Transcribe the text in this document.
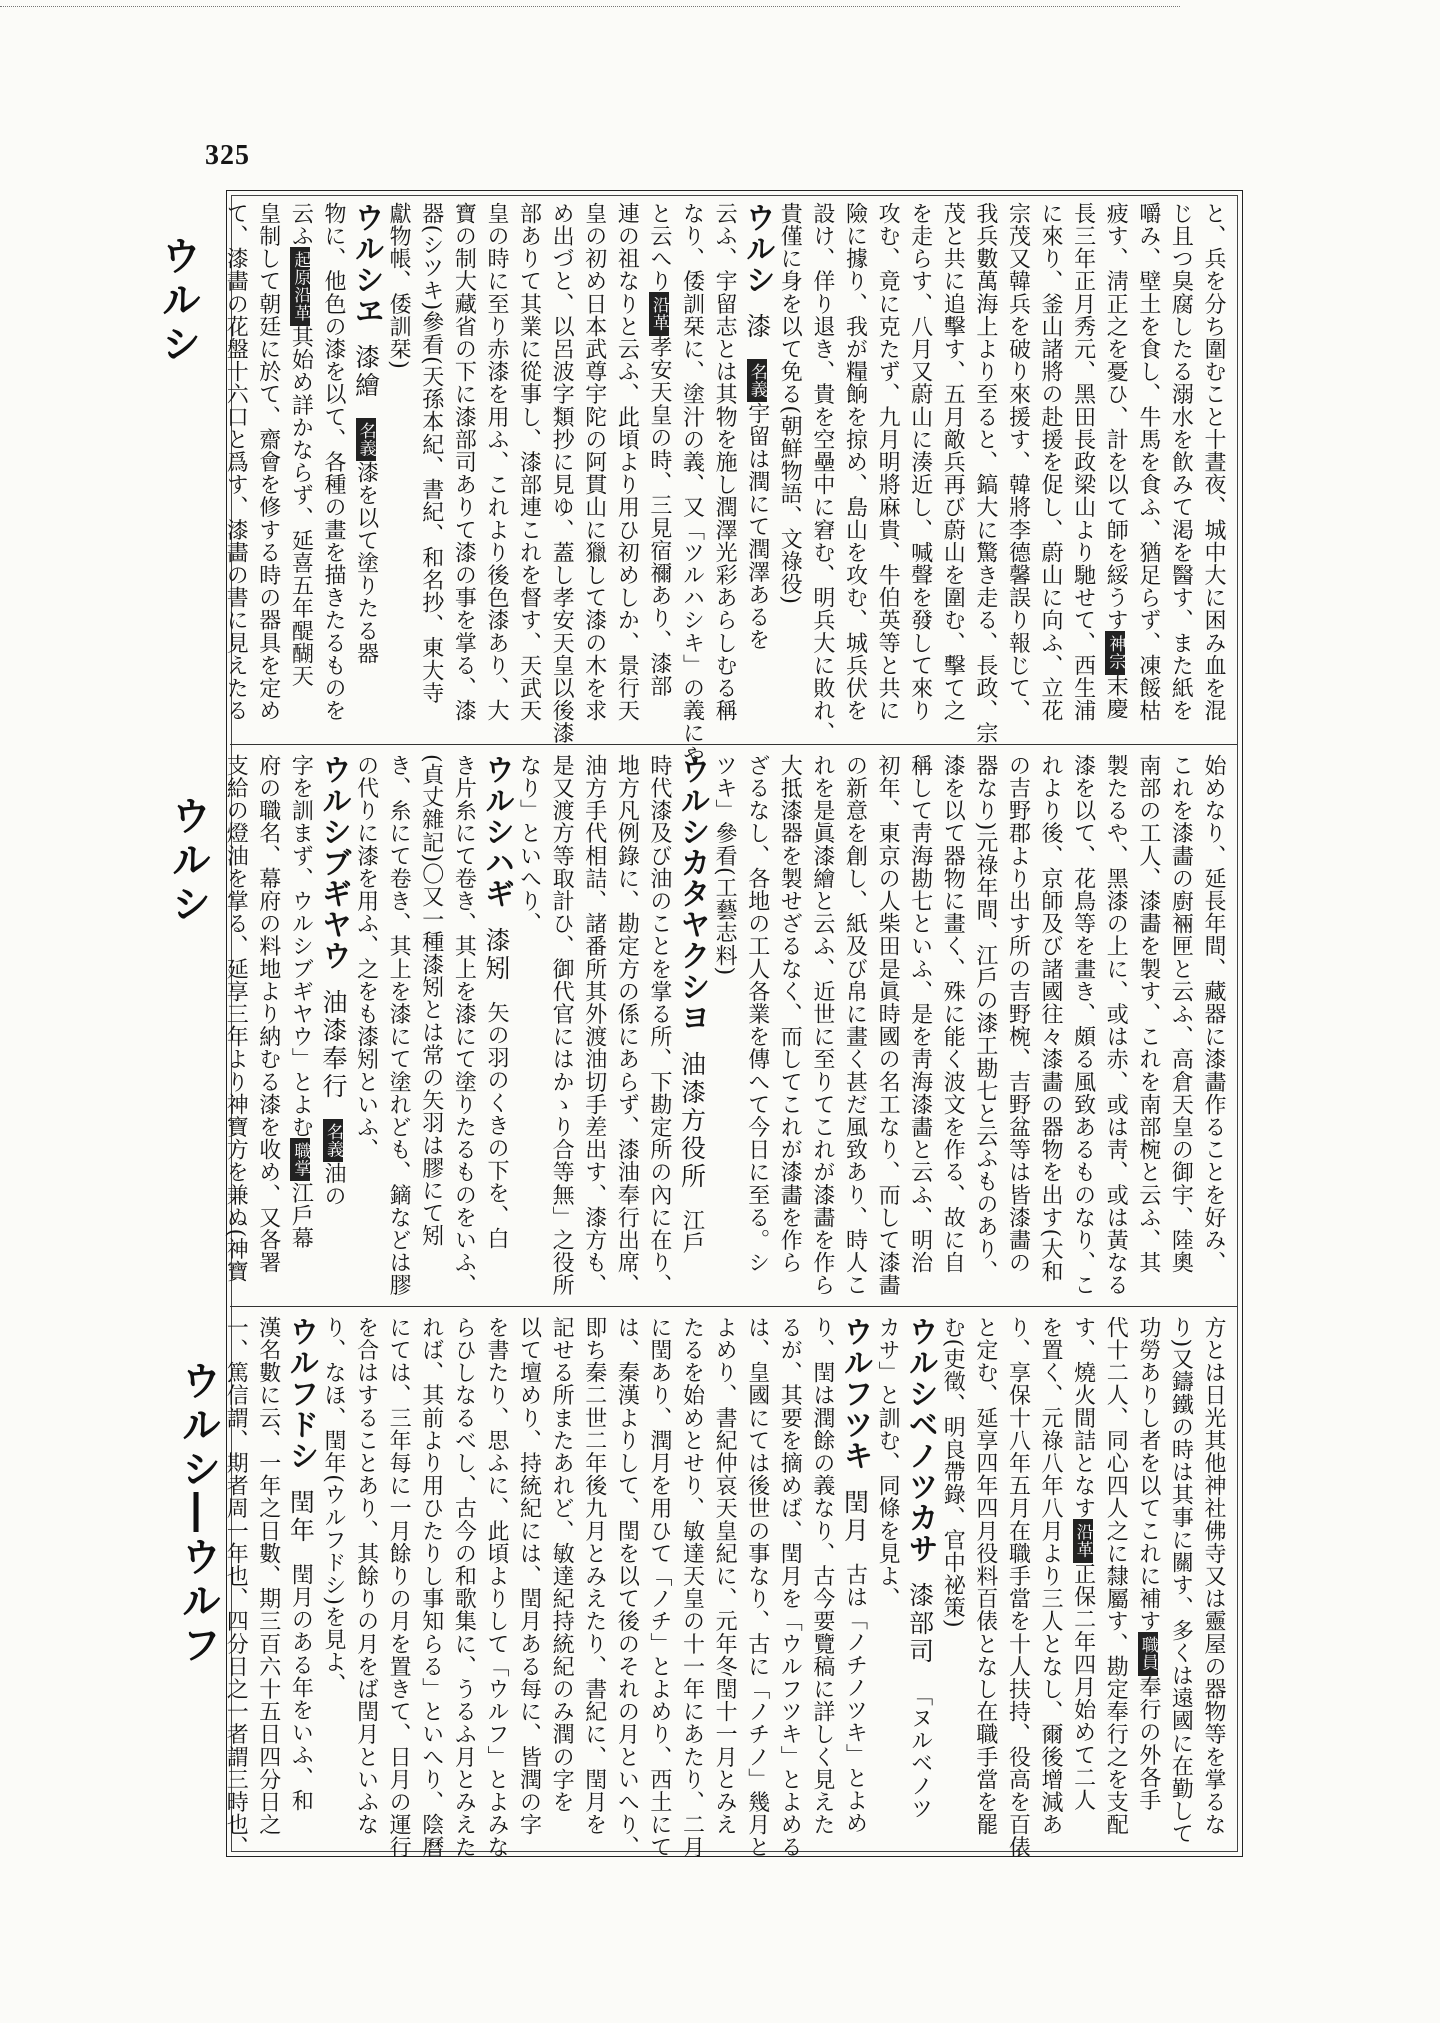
325
ウルシ
ウルシ
ウルシ―ウルフ
と、兵を分ち圍むこと十晝夜、城中大に困み血を混
じ且つ臭腐したる溺水を飮みて渇を醫す、また紙を
嚼み、壁土を食し、牛馬を食ふ、猶足らず、凍餒枯
疲す、淸正之を憂ひ、計を以て師を綏うす神宗末慶
長三年正月秀元、黑田長政梁山より馳せて、西生浦
に來り、釜山諸將の赴援を促し、蔚山に向ふ、立花
宗茂又韓兵を破り來援す、韓將李德馨誤り報じて、
我兵數萬海上より至ると、鎬大に驚き走る、長政、宗
茂と共に追擊す、五月敵兵再び蔚山を圍む、擊て之
を走らす、八月又蔚山に湊近し、喊聲を發して來り
攻む、竟に克たず、九月明將麻貴、牛伯英等と共に
險に據り、我が糧餉を掠め、島山を攻む、城兵伏を
設け、佯り退き、貴を空壘中に窘む、明兵大に敗れ、
貴僅に身を以て免る(朝鮮物語、文祿役)
ウルシ漆名義宇留は潤にて潤澤あるを
云ふ、宇留志とは其物を施し潤澤光彩あらしむる稱
なり、倭訓栞に、塗汁の義、又「ツルハシキ」の義にや
と云へり沿革孝安天皇の時、三見宿禰あり、漆部
連の祖なりと云ふ、此頃より用ひ初めしか、景行天
皇の初め日本武尊宇陀の阿貫山に獵して漆の木を求
め出づと、以呂波字類抄に見ゆ、蓋し孝安天皇以後漆
部ありて其業に從事し、漆部連これを督す、天武天
皇の時に至り赤漆を用ふ、これより後色漆あり、大
寶の制大藏省の下に漆部司ありて漆の事を掌る、漆
器(シツキ)參看(天孫本紀、書紀、和名抄、東大寺
獻物帳、倭訓栞)
ウルシヱ漆繪名義漆を以て塗りたる器
物に、他色の漆を以て、各種の畫を描きたるものを
云ふ起原沿革其始め詳かならず、延喜五年醍醐天
皇制して朝廷に於て、齋會を修する時の器具を定め
て、漆畵の花盤十六口と爲す、漆畵の書に見えたる
始めなり、延長年間、藏器に漆畵作ることを好み、
これを漆畵の廚裲匣と云ふ、高倉天皇の御宇、陸奧
南部の工人、漆畵を製す、これを南部椀と云ふ、其
製たるや、黑漆の上に、或は赤、或は靑、或は黃なる
漆を以て、花鳥等を畫き、頗る風致あるものなり、こ
れより後、京師及び諸國往々漆畵の器物を出す(大和
の吉野郡より出す所の吉野椀、吉野盆等は皆漆畵の
器なり)元祿年間、江戶の漆工勘七と云ふものあり、
漆を以て器物に畫く、殊に能く波文を作る、故に自
稱して靑海勘七といふ、是を靑海漆畵と云ふ、明治
初年、東京の人柴田是眞時國の名工なり、而して漆畵
の新意を創し、紙及び帛に畫く甚だ風致あり、時人こ
れを是眞漆繪と云ふ、近世に至りてこれが漆畵を作ら
大抵漆器を製せざるなく、而してこれが漆畵を作ら
ざるなし、各地の工人各業を傳へて今日に至る。シ
ツキ」參看(工藝志料)
ウルシカタヤクシヨ油漆方役所江戶
時代漆及び油のことを掌る所、下勘定所の內に在り、
地方凡例錄に、勘定方の係にあらず、漆油奉行出席、
油方手代相詰、諸番所其外渡油切手差出す、漆方も、
是又渡方等取計ひ、御代官にはかゝり合等無」之役所
なり」といへり、
ウルシハギ漆矧矢の羽のくきの下を、白
き片糸にて卷き、其上を漆にて塗りたるものをいふ、
(貞丈雜記)〇又一種漆矧とは常の矢羽は膠にて矧
き、糸にて卷き、其上を漆にて塗れども、鏑などは膠
の代りに漆を用ふ、之をも漆矧といふ、
ウルシブギヤウ油漆奉行名義油の
字を訓まず、ウルシブギヤウ」とよむ職掌江戶幕
府の職名、幕府の料地より納むる漆を收め、又各署
支給の燈油を掌る、延享三年より神寶方を兼ぬ(神寶
方とは日光其他神社佛寺又は靈屋の器物等を掌るな
り)又鑄鐵の時は其事に關す、多くは遠國に在勤して
功勞ありし者を以てこれに補す職員奉行の外各手
代十二人、同心四人之に隸屬す、勘定奉行之を支配
す、燒火間詰となす沿革正保二年四月始めて二人
を置く、元祿八年八月より三人となし、爾後增減あ
り、享保十八年五月在職手當を十人扶持、役高を百俵
と定む、延享四年四月役料百俵となし在職手當を罷
む(吏徵、明良帶錄、官中祕策)
ウルシベノツカサ漆部司「ヌルベノツ
カサ」と訓む、同條を見よ、
ウルフツキ閏月古は「ノチノツキ」とよめ
り、閏は潤餘の義なり、古今要覽稿に詳しく見えた
るが、其要を摘めば、閏月を「ウルフツキ」とよめる
は、皇國にては後世の事なり、古に「ノチノ」幾月と
よめり、書紀仲哀天皇紀に、元年冬閏十一月とみえ
たるを始めとせり、敏達天皇の十一年にあたり、二月
に閏あり、潤月を用ひて「ノチ」とよめり、西土にて
は、秦漢よりして、閏を以て後のそれの月といへり、
即ち秦二世二年後九月とみえたり、書紀に、閏月を
記せる所またあれど、敏達紀持統紀のみ潤の字を
以て壇めり、持統紀には、閏月ある每に、皆潤の字
を書たり、思ふに、此頃よりして「ウルフ」とよみな
らひしなるべし、古今の和歌集に、うるふ月とみえた
れば、其前より用ひたりし事知らる」といへり、陰曆
にては、三年每に一月餘りの月を置きて、日月の運行
を合はすることあり、其餘りの月をば閏月といふな
り、なほ、閏年(ウルフドシ)を見よ、
ウルフドシ閏年閏月のある年をいふ、和
漢名數に云、一年之日數、期三百六十五日四分日之
一、篤信謂、期者周一年也、四分日之一者謂三時也、
